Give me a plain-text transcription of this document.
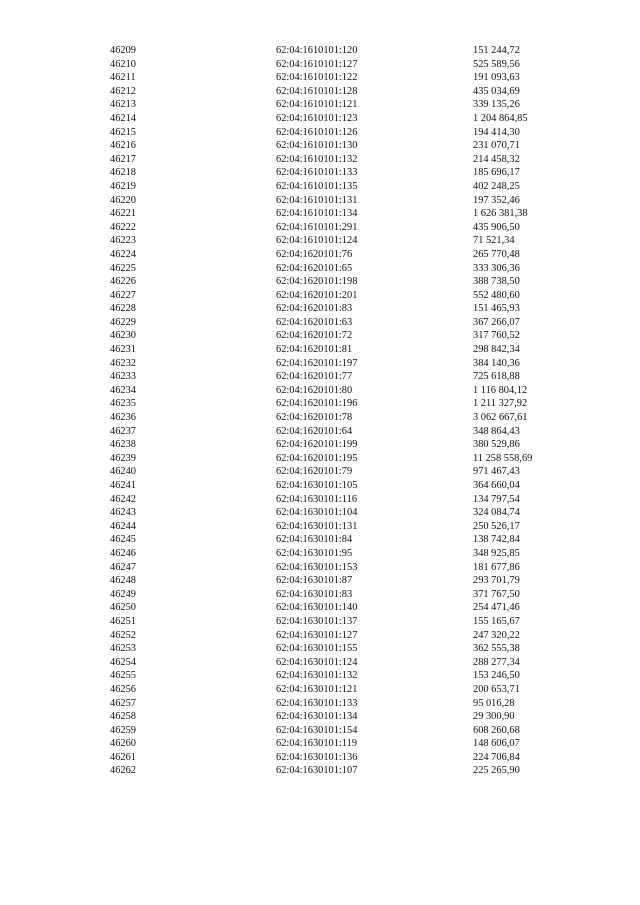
46209	62:04:1610101:120	151 244,72
46210	62:04:1610101:127	525 589,56
46211	62:04:1610101:122	191 093,63
46212	62:04:1610101:128	435 034,69
46213	62:04:1610101:121	339 135,26
46214	62:04:1610101:123	1 204 864,85
46215	62:04:1610101:126	194 414,30
46216	62:04:1610101:130	231 070,71
46217	62:04:1610101:132	214 458,32
46218	62:04:1610101:133	185 696,17
46219	62:04:1610101:135	402 248,25
46220	62:04:1610101:131	197 352,46
46221	62:04:1610101:134	1 626 381,38
46222	62:04:1610101:291	435 906,50
46223	62:04:1610101:124	71 521,34
46224	62:04:1620101:76	265 770,48
46225	62:04:1620101:65	333 306,36
46226	62:04:1620101:198	388 738,50
46227	62:04:1620101:201	552 480,60
46228	62:04:1620101:83	151 465,93
46229	62:04:1620101:63	367 266,07
46230	62:04:1620101:72	317 760,52
46231	62:04:1620101:81	298 842,34
46232	62:04:1620101:197	384 140,36
46233	62:04:1620101:77	725 618,88
46234	62:04:1620101:80	1 116 804,12
46235	62:04:1620101:196	1 211 327,92
46236	62:04:1620101:78	3 062 667,61
46237	62:04:1620101:64	348 864,43
46238	62:04:1620101:199	380 529,86
46239	62:04:1620101:195	11 258 558,69
46240	62:04:1620101:79	971 467,43
46241	62:04:1630101:105	364 660,04
46242	62:04:1630101:116	134 797,54
46243	62:04:1630101:104	324 084,74
46244	62:04:1630101:131	250 526,17
46245	62:04:1630101:84	138 742,84
46246	62:04:1630101:95	348 925,85
46247	62:04:1630101:153	181 677,86
46248	62:04:1630101:87	293 701,79
46249	62:04:1630101:83	371 767,50
46250	62:04:1630101:140	254 471,46
46251	62:04:1630101:137	155 165,67
46252	62:04:1630101:127	247 320,22
46253	62:04:1630101:155	362 555,38
46254	62:04:1630101:124	288 277,34
46255	62:04:1630101:132	153 246,50
46256	62:04:1630101:121	200 653,71
46257	62:04:1630101:133	95 016,28
46258	62:04:1630101:134	29 300,90
46259	62:04:1630101:154	608 260,68
46260	62:04:1630101:119	148 606,07
46261	62:04:1630101:136	224 706,84
46262	62:04:1630101:107	225 265,90
